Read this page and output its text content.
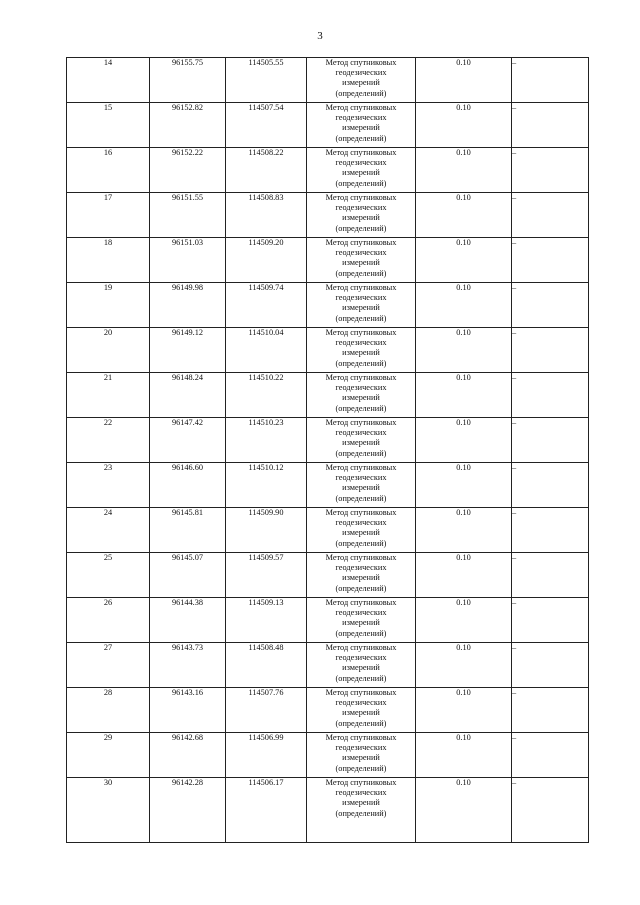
3
14	96155.75	114505.55	Метод спутниковых
геодезических
измерений
(определений)	0.10	–
15	96152.82	114507.54	Метод спутниковых
геодезических
измерений
(определений)	0.10	–
16	96152.22	114508.22	Метод спутниковых
геодезических
измерений
(определений)	0.10	–
17	96151.55	114508.83	Метод спутниковых
геодезических
измерений
(определений)	0.10	–
18	96151.03	114509.20	Метод спутниковых
геодезических
измерений
(определений)	0.10	–
19	96149.98	114509.74	Метод спутниковых
геодезических
измерений
(определений)	0.10	–
20	96149.12	114510.04	Метод спутниковых
геодезических
измерений
(определений)	0.10	–
21	96148.24	114510.22	Метод спутниковых
геодезических
измерений
(определений)	0.10	–
22	96147.42	114510.23	Метод спутниковых
геодезических
измерений
(определений)	0.10	–
23	96146.60	114510.12	Метод спутниковых
геодезических
измерений
(определений)	0.10	–
24	96145.81	114509.90	Метод спутниковых
геодезических
измерений
(определений)	0.10	–
25	96145.07	114509.57	Метод спутниковых
геодезических
измерений
(определений)	0.10	–
26	96144.38	114509.13	Метод спутниковых
геодезических
измерений
(определений)	0.10	–
27	96143.73	114508.48	Метод спутниковых
геодезических
измерений
(определений)	0.10	–
28	96143.16	114507.76	Метод спутниковых
геодезических
измерений
(определений)	0.10	–
29	96142.68	114506.99	Метод спутниковых
геодезических
измерений
(определений)	0.10	–
30	96142.28	114506.17	Метод спутниковых
геодезических
измерений
(определений)	0.10	–
